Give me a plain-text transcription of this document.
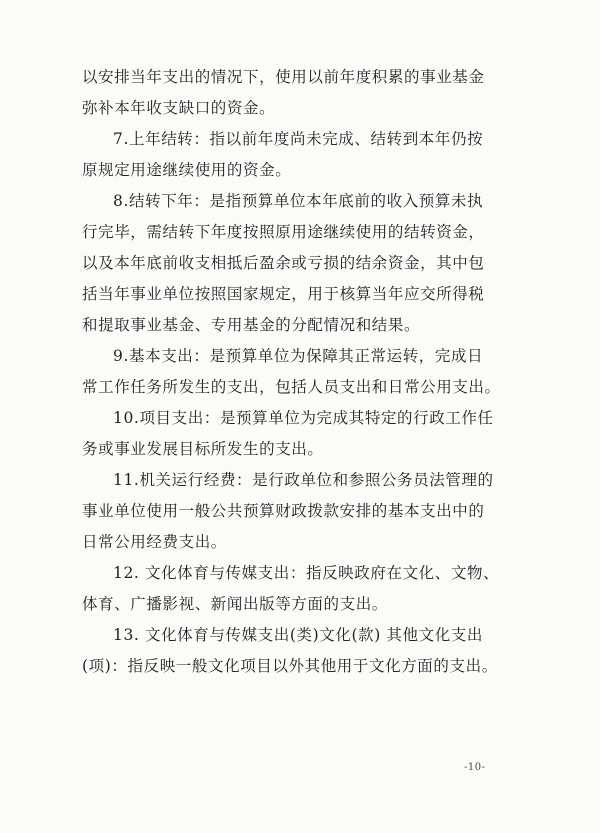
以安排当年支出的情况下，使用以前年度积累的事业基金
弥补本年收支缺口的资金。

7.上年结转：指以前年度尚未完成、结转到本年仍按
原规定用途继续使用的资金。

8.结转下年：是指预算单位本年底前的收入预算未执
行完毕，需结转下年度按照原用途继续使用的结转资金，
以及本年底前收支相抵后盈余或亏损的结余资金，其中包
括当年事业单位按照国家规定，用于核算当年应交所得税
和提取事业基金、专用基金的分配情况和结果。

9.基本支出：是预算单位为保障其正常运转，完成日
常工作任务所发生的支出，包括人员支出和日常公用支出。

10.项目支出：是预算单位为完成其特定的行政工作任
务或事业发展目标所发生的支出。

11.机关运行经费：是行政单位和参照公务员法管理的
事业单位使用一般公共预算财政拨款安排的基本支出中的
日常公用经费支出。

12. 文化体育与传媒支出：指反映政府在文化、文物、
体育、广播影视、新闻出版等方面的支出。

13. 文化体育与传媒支出(类)文化(款) 其他文化支出
(项)：指反映一般文化项目以外其他用于文化方面的支出。

-10-
